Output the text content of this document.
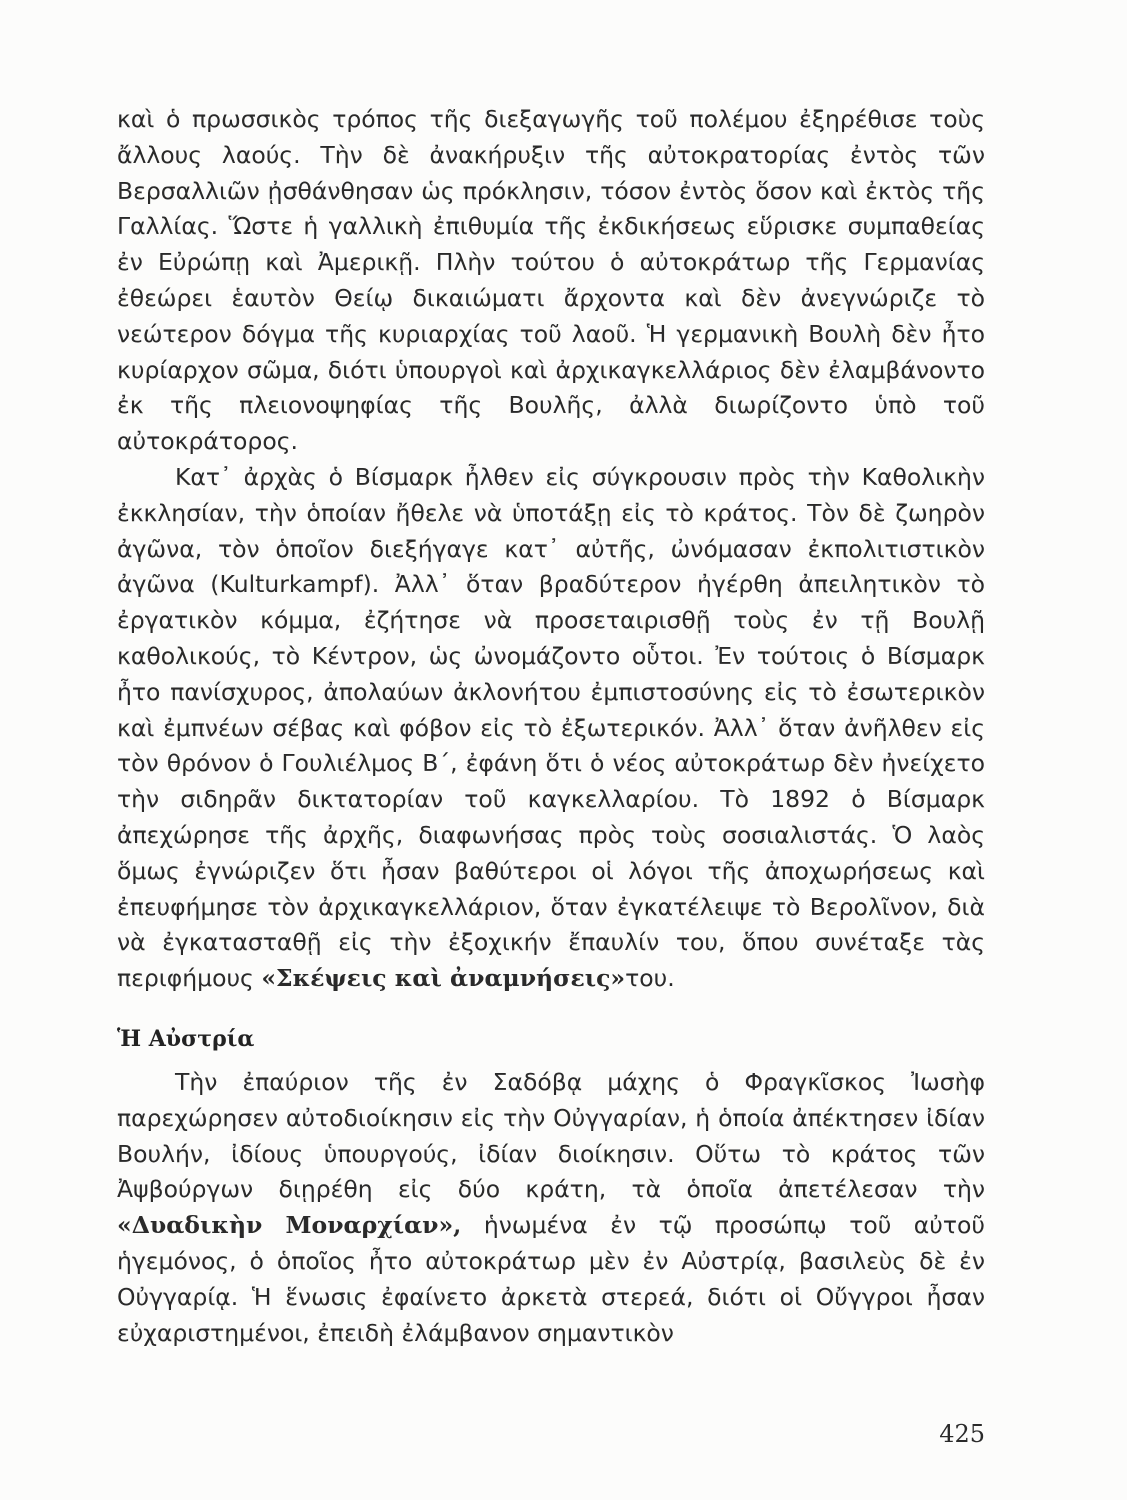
καὶ ὁ πρωσσικὸς τρόπος τῆς διεξαγωγῆς τοῦ πολέμου ἐξηρέθισε τοὺς ἄλλους λαούς. Τὴν δὲ ἀνακήρυξιν τῆς αὐτοκρατορίας ἐντὸς τῶν Βερσαλλιῶν ᾐσθάνθησαν ὡς πρόκλησιν, τόσον ἐντὸς ὅσον καὶ ἐκτὸς τῆς Γαλλίας. Ὥστε ἡ γαλλικὴ ἐπιθυμία τῆς ἐκδικήσεως εὕρισκε συμπαθείας ἐν Εὐρώπῃ καὶ Ἀμερικῇ. Πλὴν τούτου ὁ αὐτοκράτωρ τῆς Γερμανίας ἐθεώρει ἑαυτὸν Θείῳ δικαιώματι ἄρχοντα καὶ δὲν ἀνεγνώριζε τὸ νεώτερον δόγμα τῆς κυριαρχίας τοῦ λαοῦ. Ἡ γερμανικὴ Βουλὴ δὲν ἦτο κυρίαρχον σῶμα, διότι ὑπουργοὶ καὶ ἀρχικαγκελλάριος δὲν ἐλαμβάνοντο ἐκ τῆς πλειονοψηφίας τῆς Βουλῆς, ἀλλὰ διωρίζοντο ὑπὸ τοῦ αὐτοκράτορος.

Κατ᾽ ἀρχὰς ὁ Βίσμαρκ ἦλθεν εἰς σύγκρουσιν πρὸς τὴν Καθολικὴν ἐκκλησίαν, τὴν ὁποίαν ἤθελε νὰ ὑποτάξῃ εἰς τὸ κράτος. Τὸν δὲ ζωηρὸν ἀγῶνα, τὸν ὁποῖον διεξήγαγε κατ᾽ αὐτῆς, ὠνόμασαν ἐκπολιτιστικὸν ἀγῶνα (Kulturkampf). Ἀλλ᾽ ὅταν βραδύτερον ἠγέρθη ἀπειλητικὸν τὸ ἐργατικὸν κόμμα, ἐζήτησε νὰ προσεταιρισθῇ τοὺς ἐν τῇ Βουλῇ καθολικούς, τὸ Κέντρον, ὡς ὠνομάζοντο οὗτοι. Ἐν τούτοις ὁ Βίσμαρκ ἦτο πανίσχυρος, ἀπολαύων ἀκλονήτου ἐμπιστοσύνης εἰς τὸ ἐσωτερικὸν καὶ ἐμπνέων σέβας καὶ φόβον εἰς τὸ ἐξωτερικόν. Ἀλλ᾽ ὅταν ἀνῆλθεν εἰς τὸν θρόνον ὁ Γουλιέλμος Β΄, ἐφάνη ὅτι ὁ νέος αὐτοκράτωρ δὲν ἠνείχετο τὴν σιδηρᾶν δικτατορίαν τοῦ καγκελλαρίου. Τὸ 1892 ὁ Βίσμαρκ ἀπεχώρησε τῆς ἀρχῆς, διαφωνήσας πρὸς τοὺς σοσιαλιστάς. Ὁ λαὸς ὅμως ἐγνώριζεν ὅτι ἦσαν βαθύτεροι οἱ λόγοι τῆς ἀποχωρήσεως καὶ ἐπευφήμησε τὸν ἀρχικαγκελλάριον, ὅταν ἐγκατέλειψε τὸ Βερολῖνον, διὰ νὰ ἐγκατασταθῇ εἰς τὴν ἐξοχικήν ἔπαυλίν του, ὅπου συνέταξε τὰς περιφήμους «Σκέψεις καὶ ἀναμνήσεις»του.

Ἡ Αὐστρία

Τὴν ἐπαύριον τῆς ἐν Σαδόβᾳ μάχης ὁ Φραγκῖσκος Ἰωσὴφ παρεχώρησεν αὐτοδιοίκησιν εἰς τὴν Οὐγγαρίαν, ἡ ὁποία ἀπέκτησεν ἰδίαν Βουλήν, ἰδίους ὑπουργούς, ἰδίαν διοίκησιν. Οὕτω τὸ κράτος τῶν Ἀψβούργων διῃρέθη εἰς δύο κράτη, τὰ ὁποῖα ἀπετέλεσαν τὴν «Δυαδικὴν Μοναρχίαν», ἡνωμένα ἐν τῷ προσώπῳ τοῦ αὐτοῦ ἡγεμόνος, ὁ ὁποῖος ἦτο αὐτοκράτωρ μὲν ἐν Αὐστρίᾳ, βασιλεὺς δὲ ἐν Οὐγγαρίᾳ. Ἡ ἕνωσις ἐφαίνετο ἀρκετὰ στερεά, διότι οἱ Οὔγγροι ἦσαν εὐχαριστημένοι, ἐπειδὴ ἐλάμβανον σημαντικὸν

425
